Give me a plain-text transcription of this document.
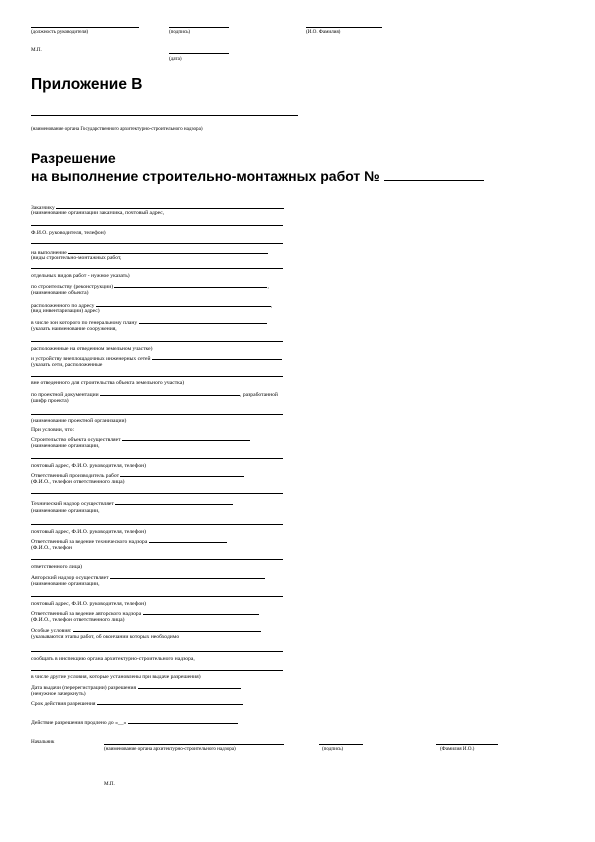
(должность руководителя)	(подпись)	(И.О. Фамилия)
М.П.
(дата)
Приложение В
(наименование органа Государственного архитектурно-строительного надзора)
Разрешение
на выполнение строительно-монтажных работ №
Заказчику
(наименование организации заказчика, почтовый адрес,
Ф.И.О. руководителя, телефон)
на выполнение
(виды строительно-монтажных работ,
отдельных видов работ - нужное указать)
по строительству (реконструкции)	,
(наименование объекта)
расположенного по адресу	,
(вид инвентаризации) адрес)
в числе зон которого по генеральному плану
(указать наименование сооружения,
расположенные на отведенном земельном участке)
и устройству внеплощадочных инженерных сетей
(указать сети, расположенные
вне отведенного для строительства объекта земельного участка)
по проектной документации	, разработанной
(шифр проекта)
(наименование проектной организации)
При условии, что:
Строительство объекта осуществляет
(наименование организации,
почтовый адрес, Ф.И.О. руководителя, телефон)
Ответственный производитель работ
(Ф.И.О., телефон ответственного лица)
Технический надзор осуществляет
(наименование организации,
почтовый адрес, Ф.И.О. руководителя, телефон)
Ответственный за ведение технического надзора
(Ф.И.О., телефон
ответственного лица)
Авторский надзор осуществляет
(наименование организации,
почтовый адрес, Ф.И.О. руководителя, телефон)
Ответственный за ведение авторского надзора
(Ф.И.О., телефон ответственного лица)
Особые условия:
(указываются этапы работ, об окончании которых необходимо
сообщать в инспекцию органа архитектурно-строительного надзора,
в числе другие условия, которые установлены при выдаче разрешения)
Дата выдачи (перерегистрации) разрешения
(ненужное зачеркнуть)
Срок действия разрешения
Действие разрешения продлено до «__»
Начальник
(наименование органа архитектурно-строительного надзора)	(подпись)	(Фамилия И.О.)
М.П.
